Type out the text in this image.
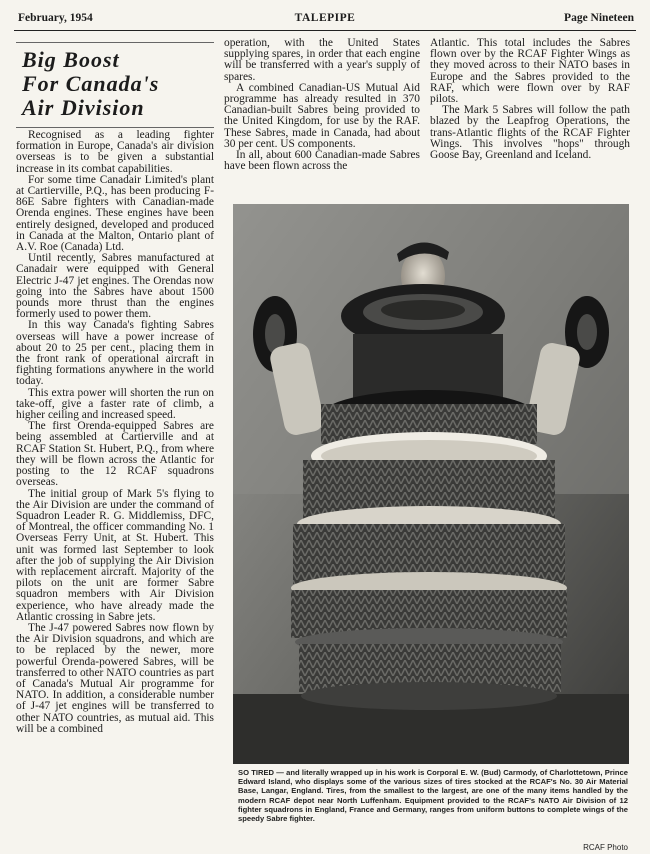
February, 1954	TALEPIPE	Page Nineteen
Big Boost
For Canada's
Air Division

Recognised as a leading fighter formation in Europe, Canada's air division overseas is to be given a substantial increase in its combat capabilities.

For some time Canadair Limited's plant at Cartierville, P.Q., has been producing F-86E Sabre fighters with Canadian-made Orenda engines. These engines have been entirely designed, developed and produced in Canada at the Malton, Ontario plant of A.V. Roe (Canada) Ltd.

Until recently, Sabres manufactured at Canadair were equipped with General Electric J-47 jet engines. The Orendas now going into the Sabres have about 1500 pounds more thrust than the engines formerly used to power them.

In this way Canada's fighting Sabres overseas will have a power increase of about 20 to 25 per cent., placing them in the front rank of operational aircraft in fighting formations anywhere in the world today.

This extra power will shorten the run on take-off, give a faster rate of climb, a higher ceiling and increased speed.

The first Orenda-equipped Sabres are being assembled at Cartierville and at RCAF Station St. Hubert, P.Q., from where they will be flown across the Atlantic for posting to the 12 RCAF squadrons overseas.

The initial group of Mark 5's flying to the Air Division are under the command of Squadron Leader R. G. Middlemiss, DFC, of Montreal, the officer commanding No. 1 Overseas Ferry Unit, at St. Hubert. This unit was formed last September to look after the job of supplying the Air Division with replacement aircraft. Majority of the pilots on the unit are former Sabre squadron members with Air Division experience, who have already made the Atlantic crossing in Sabre jets.

The J-47 powered Sabres now flown by the Air Division squadrons, and which are to be replaced by the newer, more powerful Orenda-powered Sabres, will be transferred to other NATO countries as part of Canada's Mutual Air programme for NATO. In addition, a considerable number of J-47 jet engines will be transferred to other NATO countries, as mutual aid. This will be a combined

operation, with the United States supplying spares, in order that each engine will be transferred with a year's supply of spares.

A combined Canadian-US Mutual Aid programme has already resulted in 370 Canadian-built Sabres being provided to the United Kingdom, for use by the RAF. These Sabres, made in Canada, had about 30 per cent. US components.

In all, about 600 Canadian-made Sabres have been flown across the

Atlantic. This total includes the Sabres flown over by the RCAF Fighter Wings as they moved across to their NATO bases in Europe and the Sabres provided to the RAF, which were flown over by RAF pilots.

The Mark 5 Sabres will follow the path blazed by the Leapfrog Operations, the trans-Atlantic flights of the RCAF Fighter Wings. This involves "hops" through Goose Bay, Greenland and Iceland.

SO TIRED — and literally wrapped up in his work is Corporal E. W. (Bud) Carmody, of Charlottetown, Prince Edward Island, who displays some of the various sizes of tires stocked at the RCAF's No. 30 Air Material Base, Langar, England. Tires, from the smallest to the largest, are one of the many items handled by the modern RCAF depot near North Luffenham. Equipment provided to the RCAF's NATO Air Division of 12 fighter squadrons in England, France and Germany, ranges from uniform buttons to complete wings of the speedy Sabre fighter.
RCAF Photo
